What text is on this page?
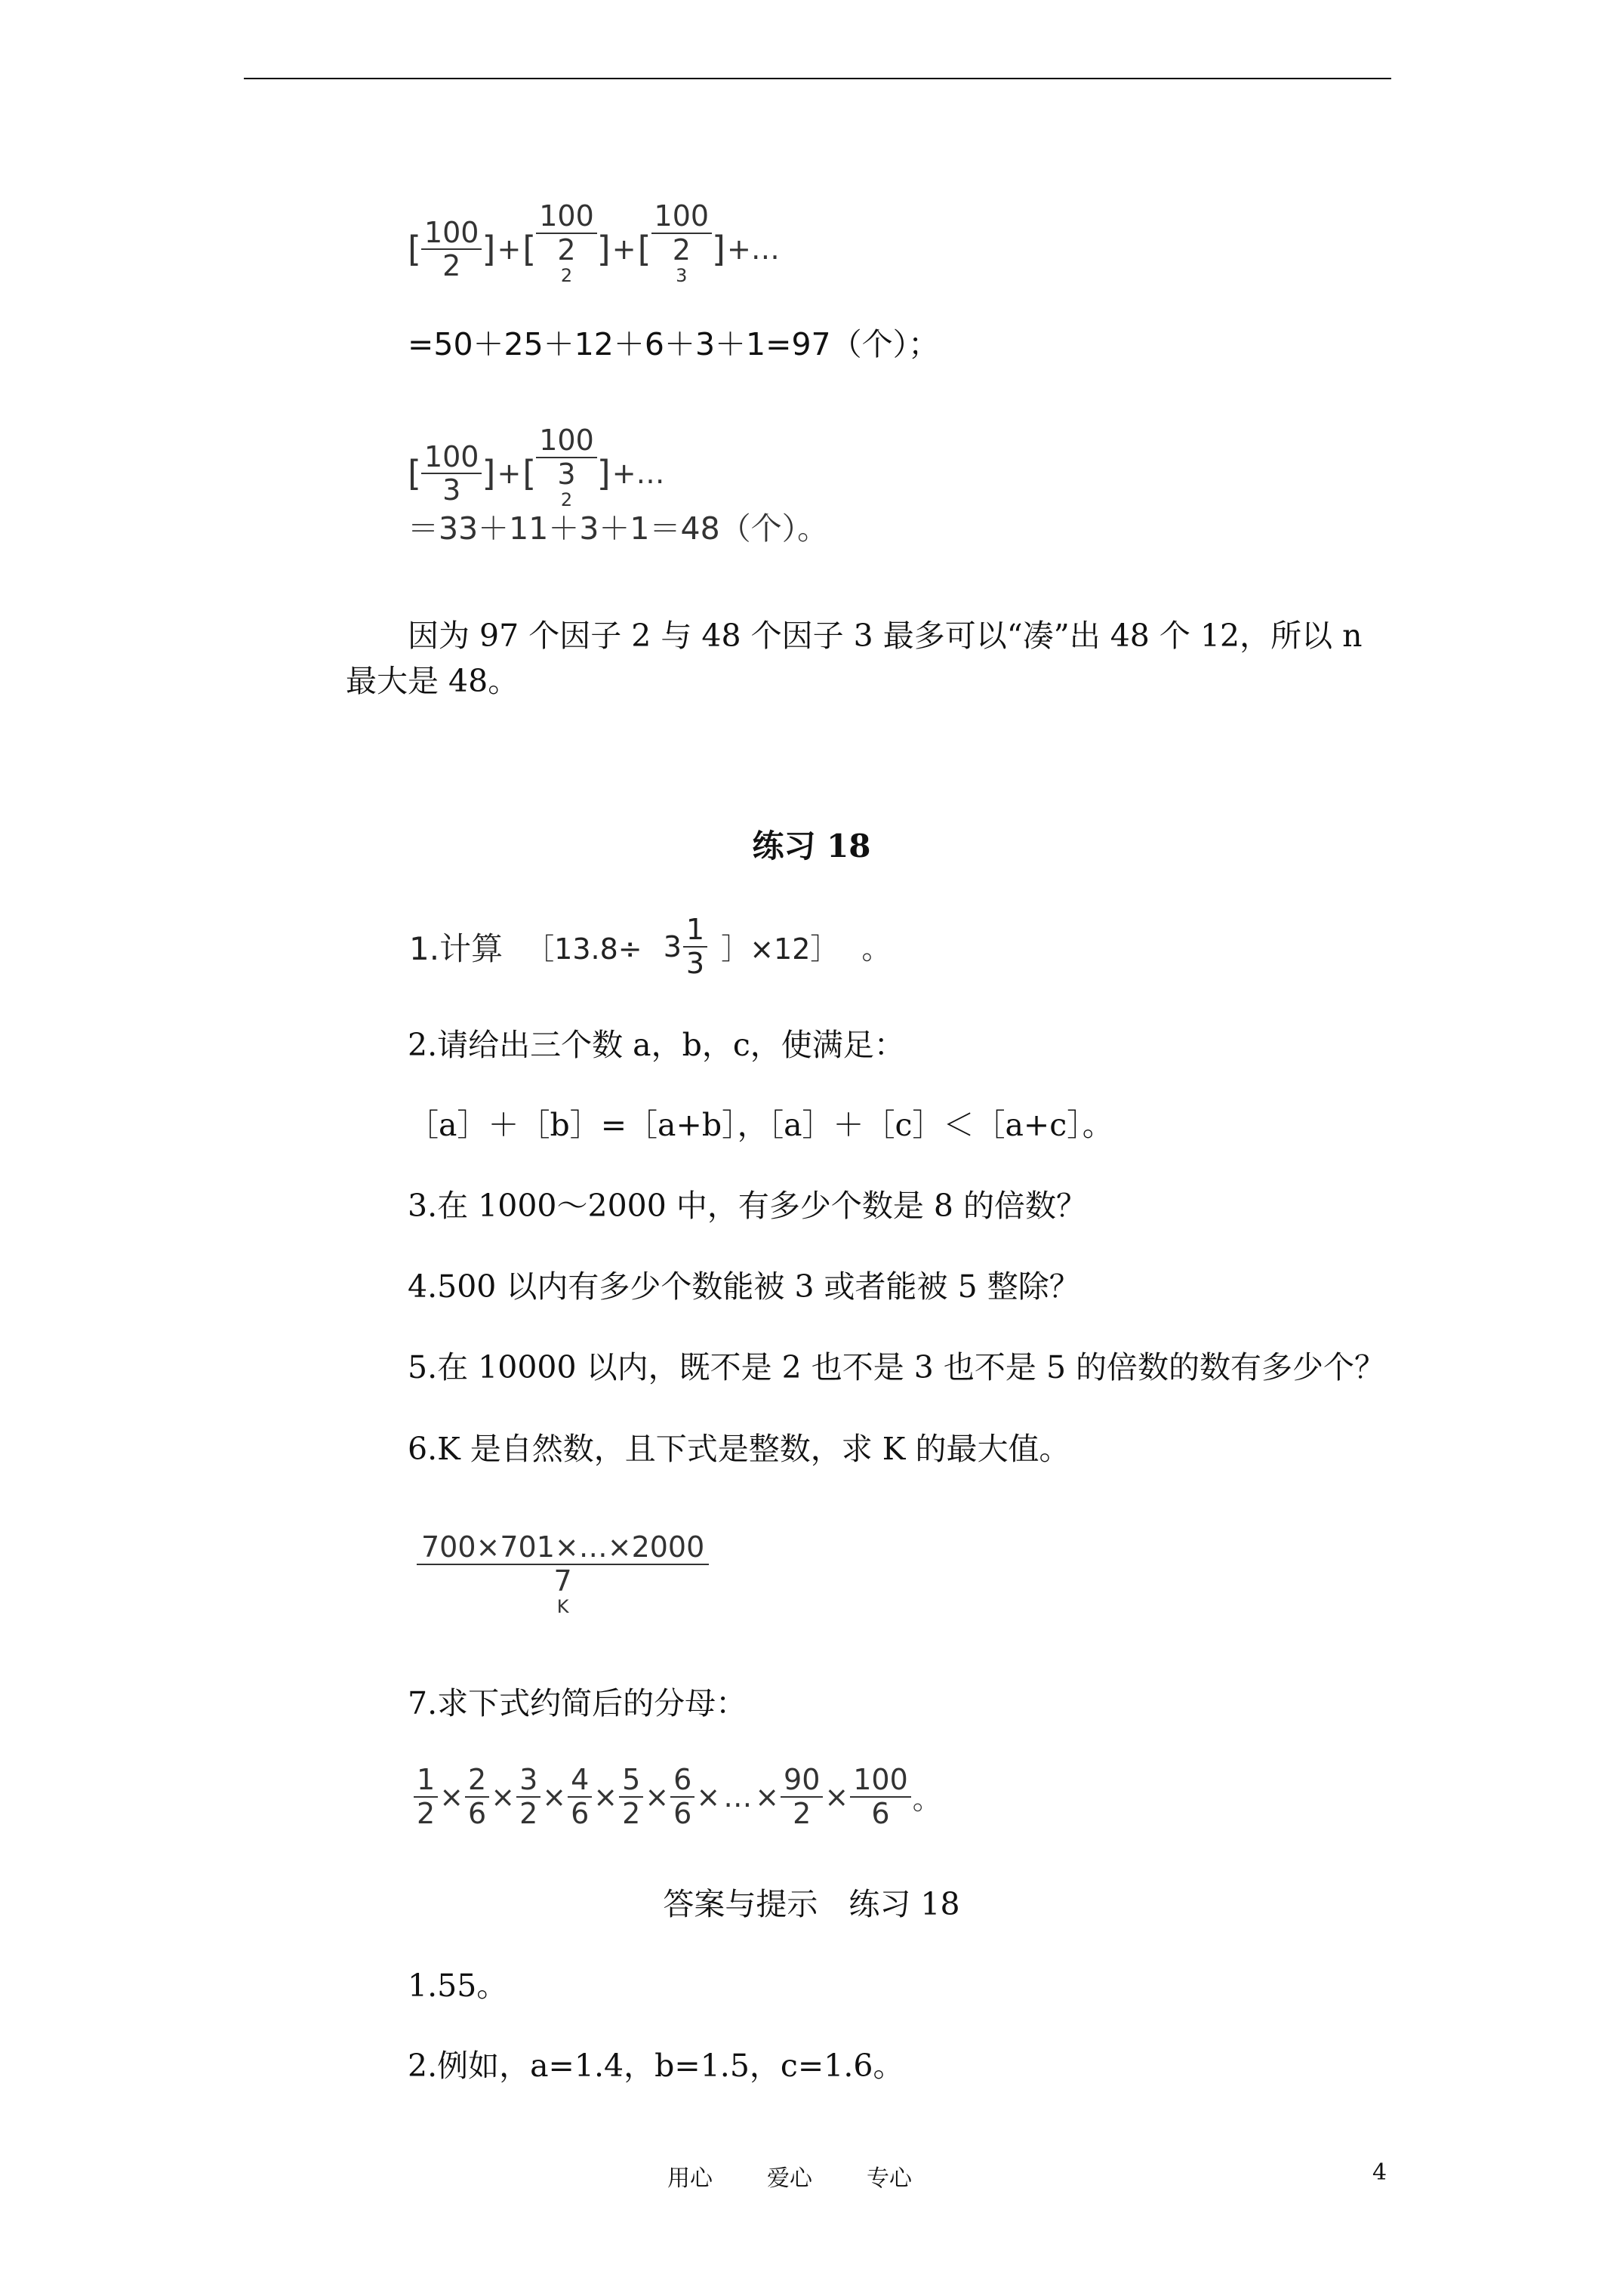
[ $\frac{100}{2}$ ]+[ 100
2
$^2$ ]+[ 100
2
$^3$ ]+…
=50＋25＋12＋6＋3＋1=97（个）；
[ $\frac{100}{3}$ ]+[ 100
3
$^2$ ]+…
＝33＋11＋3＋1＝48（个）。
因为 97 个因子 2 与 48 个因子 3 最多可以“凑”出 48 个 12，所以 n
最大是 48。
练习 18
1.计算 ［13.8÷ $3 \frac{1}{3}$ ］×12］ 。
2.请给出三个数 a，b，c，使满足：
［a］＋［b］=［a+b］，［a］＋［c］＜［a+c］。
3.在 1000～2000 中，有多少个数是 8 的倍数？
4.500 以内有多少个数能被 3 或者能被 5 整除？
5.在 10000 以内，既不是 2 也不是 3 也不是 5 的倍数的数有多少个？
6.K 是自然数，且下式是整数，求 K 的最大值。
700×701×…×2000
7
$^K$
7.求下式约简后的分母：
$\frac{1}{2} \times \frac{2}{6} \times \frac{3}{2} \times \frac{4}{6} \times \frac{5}{2} \times \frac{6}{6}$ × … × $\frac{90}{2} \times \frac{100}{6}$ 。
答案与提示　练习 18
1.55。
2.例如，a=1.4，b=1.5，c=1.6。
用心 爱心 专心	4
